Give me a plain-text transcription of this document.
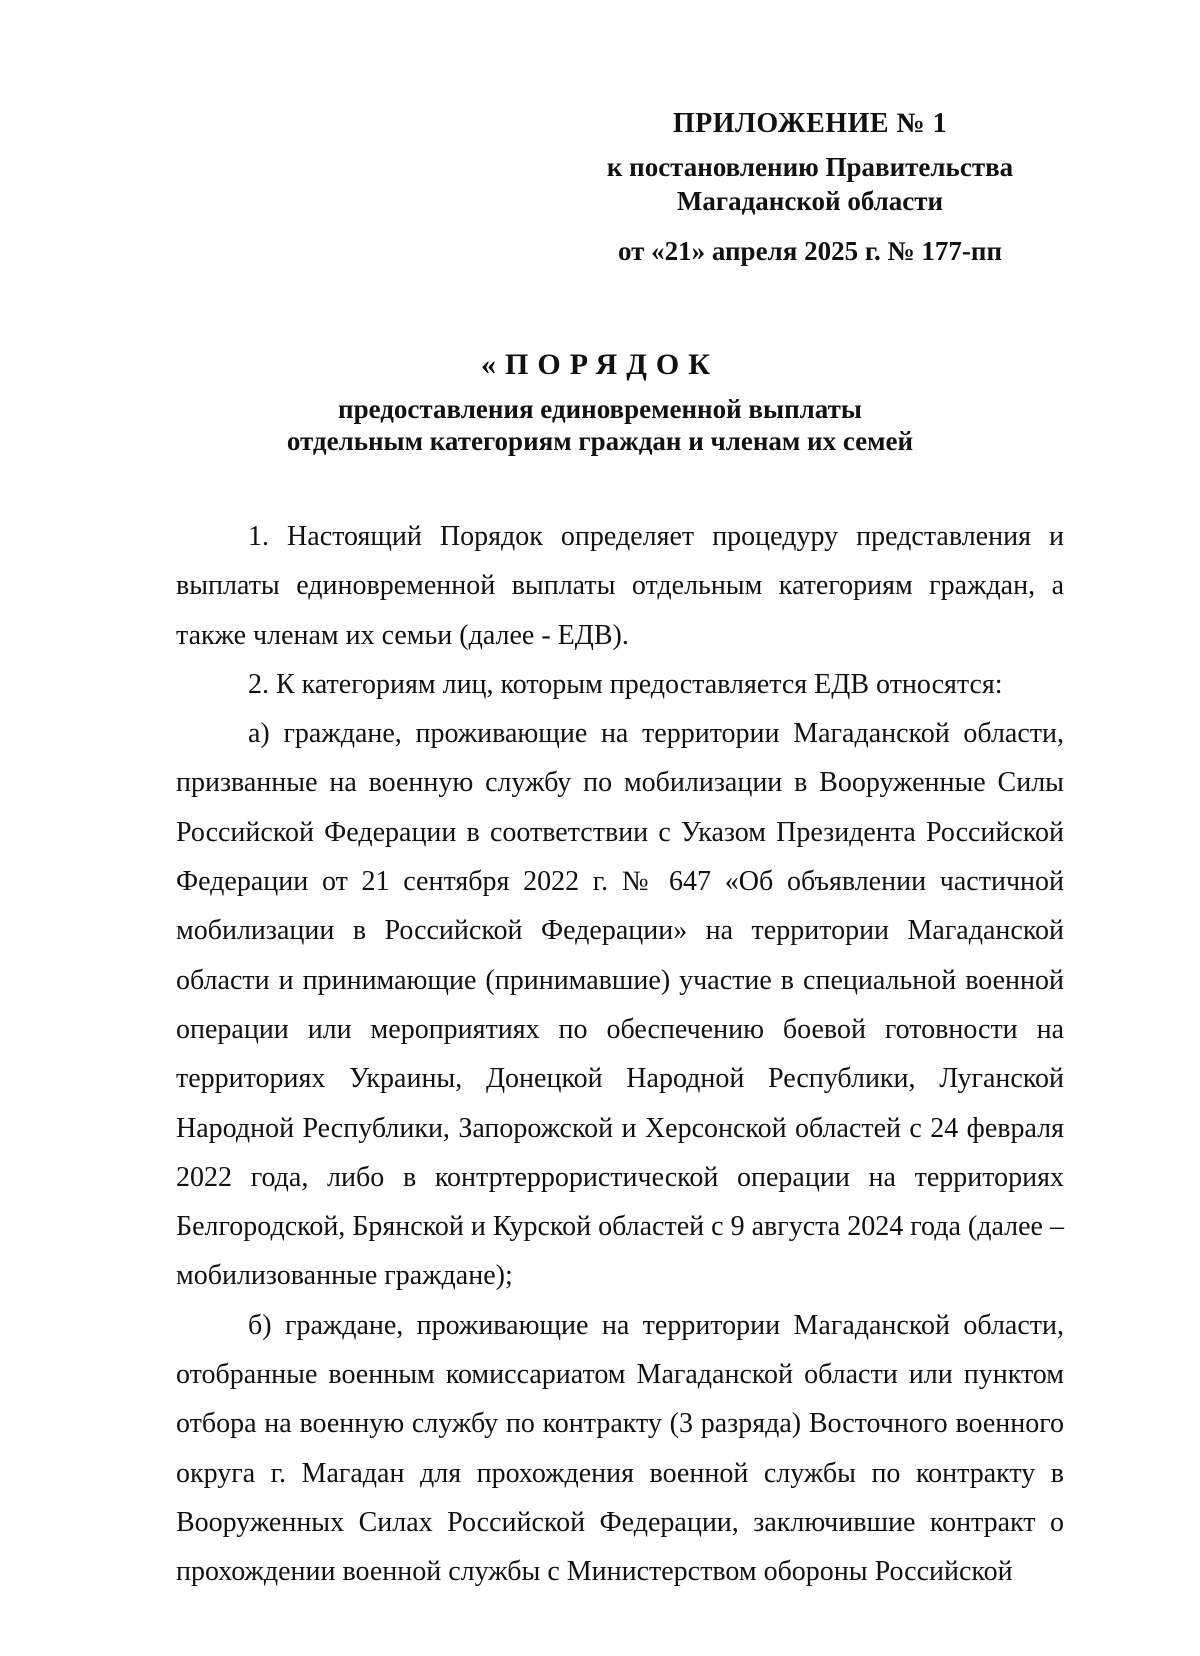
ПРИЛОЖЕНИЕ № 1
к постановлению Правительства
Магаданской области
от «21» апреля 2025 г. № 177-пп
«ПОРЯДОК
предоставления единовременной выплаты
отдельным категориям граждан и членам их семей

1. Настоящий Порядок определяет процедуру представления и выплаты единовременной выплаты отдельным категориям граждан, а также членам их семьи (далее - ЕДВ).

2. К категориям лиц, которым предоставляется ЕДВ относятся:

а) граждане, проживающие на территории Магаданской области, призванные на военную службу по мобилизации в Вооруженные Силы Российской Федерации в соответствии с Указом Президента Российской Федерации от 21 сентября 2022 г. № 647 «Об объявлении частичной мобилизации в Российской Федерации» на территории Магаданской области и принимающие (принимавшие) участие в специальной военной операции или мероприятиях по обеспечению боевой готовности на территориях Украины, Донецкой Народной Республики, Луганской Народной Республики, Запорожской и Херсонской областей с 24 февраля 2022 года, либо в контртеррористической операции на территориях Белгородской, Брянской и Курской областей с 9 августа 2024 года (далее – мобилизованные граждане);

б) граждане, проживающие на территории Магаданской области, отобранные военным комиссариатом Магаданской области или пунктом отбора на военную службу по контракту (3 разряда) Восточного военного округа г. Магадан для прохождения военной службы по контракту в Вооруженных Силах Российской Федерации, заключившие контракт о прохождении военной службы с Министерством обороны Российской
